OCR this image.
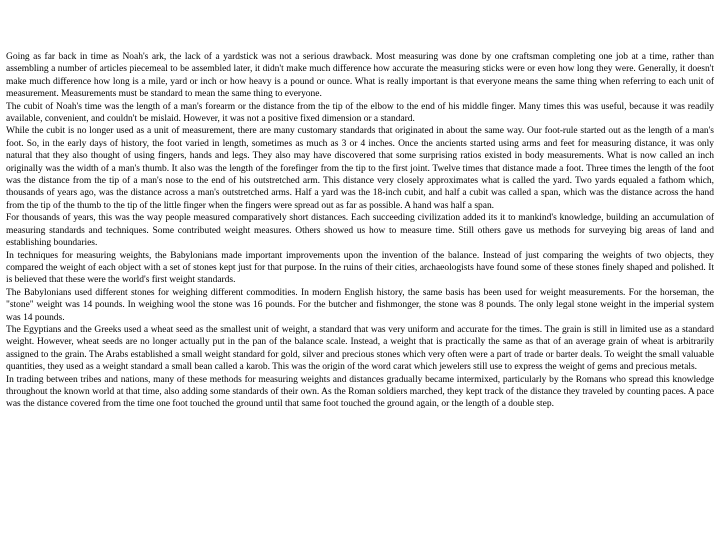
Going as far back in time as Noah's ark, the lack of a yardstick was not a serious drawback. Most measuring was done by one craftsman completing one job at a time, rather than assembling a number of articles piecemeal to be assembled later, it didn't make much difference how accurate the measuring sticks were or even how long they were. Generally, it doesn't make much difference how long is a mile, yard or inch or how heavy is a pound or ounce. What is really important is that everyone means the same thing when referring to each unit of measurement. Measurements must be standard to mean the same thing to everyone.

The cubit of Noah's time was the length of a man's forearm or the distance from the tip of the elbow to the end of his middle finger. Many times this was useful, because it was readily available, convenient, and couldn't be mislaid. However, it was not a positive fixed dimension or a standard.

While the cubit is no longer used as a unit of measurement, there are many customary standards that originated in about the same way. Our foot-rule started out as the length of a man's foot. So, in the early days of history, the foot varied in length, sometimes as much as 3 or 4 inches. Once the ancients started using arms and feet for measuring distance, it was only natural that they also thought of using fingers, hands and legs. They also may have discovered that some surprising ratios existed in body measurements. What is now called an inch originally was the width of a man's thumb. It also was the length of the forefinger from the tip to the first joint. Twelve times that distance made a foot. Three times the length of the foot was the distance from the tip of a man's nose to the end of his outstretched arm. This distance very closely approximates what is called the yard. Two yards equaled a fathom which, thousands of years ago, was the distance across a man's outstretched arms. Half a yard was the 18-inch cubit, and half a cubit was called a span, which was the distance across the hand from the tip of the thumb to the tip of the little finger when the fingers were spread out as far as possible. A hand was half a span.

For thousands of years, this was the way people measured comparatively short distances. Each succeeding civilization added its it to mankind's knowledge, building an accumulation of measuring standards and techniques. Some contributed weight measures. Others showed us how to measure time. Still others gave us methods for surveying big areas of land and establishing boundaries.

In techniques for measuring weights, the Babylonians made important improvements upon the invention of the balance. Instead of just comparing the weights of two objects, they compared the weight of each object with a set of stones kept just for that purpose. In the ruins of their cities, archaeologists have found some of these stones finely shaped and polished. It is believed that these were the world's first weight standards.

The Babylonians used different stones for weighing different commodities. In modern English history, the same basis has been used for weight measurements. For the horseman, the "stone" weight was 14 pounds. In weighing wool the stone was 16 pounds. For the butcher and fishmonger, the stone was 8 pounds. The only legal stone weight in the imperial system was 14 pounds.

The Egyptians and the Greeks used a wheat seed as the smallest unit of weight, a standard that was very uniform and accurate for the times. The grain is still in limited use as a standard weight. However, wheat seeds are no longer actually put in the pan of the balance scale. Instead, a weight that is practically the same as that of an average grain of wheat is arbitrarily assigned to the grain. The Arabs established a small weight standard for gold, silver and precious stones which very often were a part of trade or barter deals. To weight the small valuable quantities, they used as a weight standard a small bean called a karob. This was the origin of the word carat which jewelers still use to express the weight of gems and precious metals.

In trading between tribes and nations, many of these methods for measuring weights and distances gradually became intermixed, particularly by the Romans who spread this knowledge throughout the known world at that time, also adding some standards of their own. As the Roman soldiers marched, they kept track of the distance they traveled by counting paces. A pace was the distance covered from the time one foot touched the ground until that same foot touched the ground again, or the length of a double step.
